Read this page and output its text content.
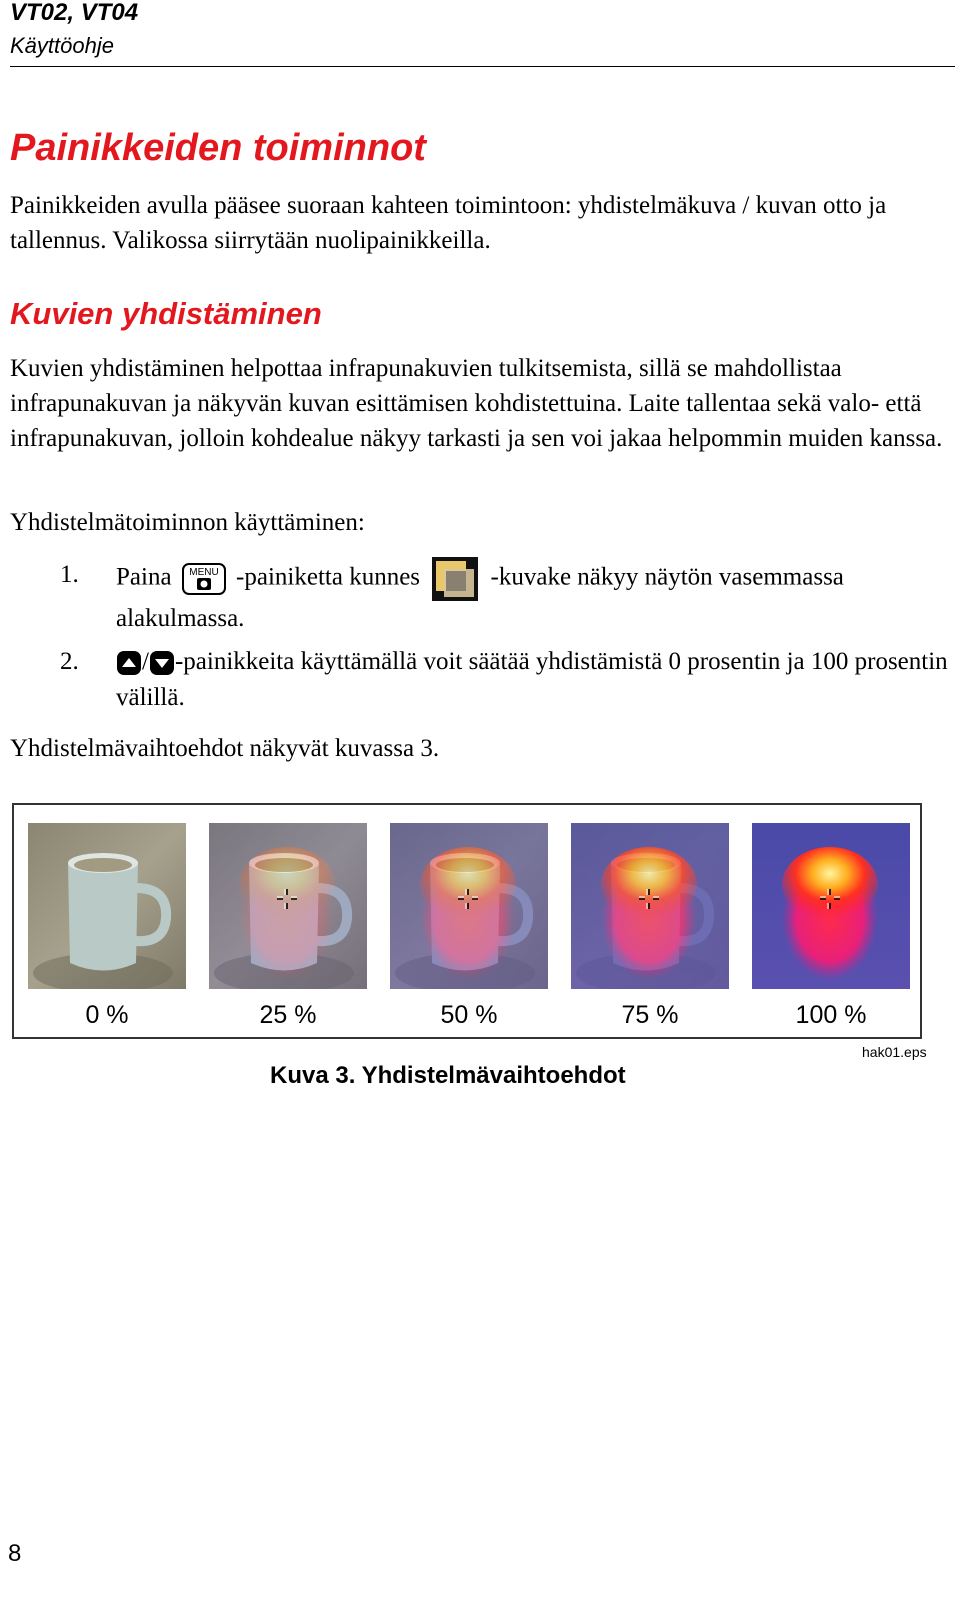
VT02, VT04
Käyttöohje
Painikkeiden toiminnot

Painikkeiden avulla pääsee suoraan kahteen toimintoon: yhdistelmäkuva / kuvan otto ja tallennus. Valikossa siirrytään nuolipainikkeilla.

Kuvien yhdistäminen

Kuvien yhdistäminen helpottaa infrapunakuvien tulkitsemista, sillä se mahdollistaa infrapunakuvan ja näkyvän kuvan esittämisen kohdistettuina. Laite tallentaa sekä valo- että infrapunakuvan, jolloin kohdealue näkyy tarkasti ja sen voi jakaa helpommin muiden kanssa.

Yhdistelmätoiminnon käyttäminen:

1.	Paina MENU -painiketta kunnes	-kuvake näkyy näytön vasemmassa alakulmassa.
2.	/ -painikkeita käyttämällä voit säätää yhdistämistä 0 prosentin ja 100 prosentin välillä.

Yhdistelmävaihtoehdot näkyvät kuvassa 3.

0 %	25 %	50 %	75 %	100 %
Kuva 3. Yhdistelmävaihtoehdot
hak01.eps
8
